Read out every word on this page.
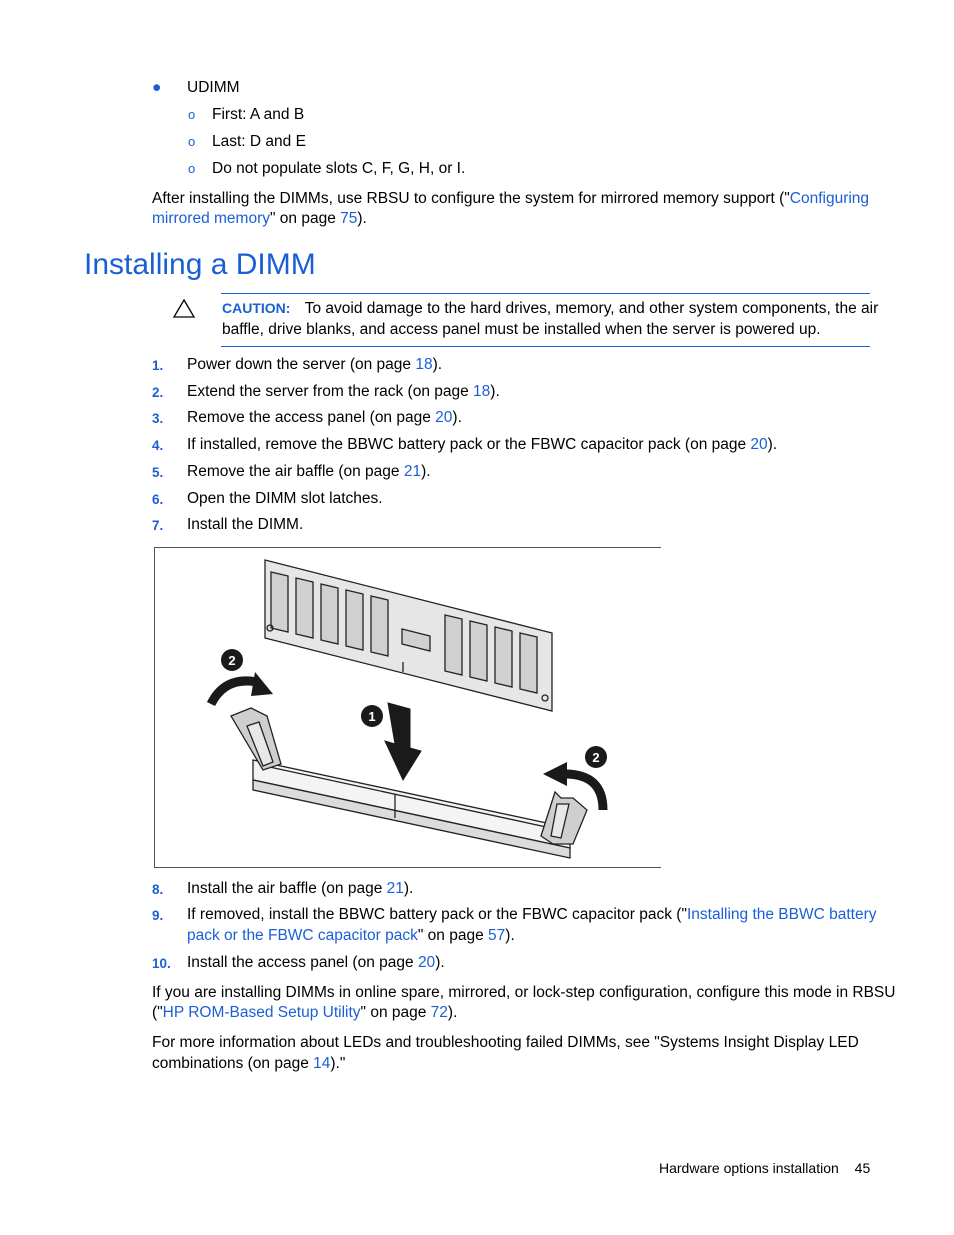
● UDIMM
o First: A and B
o Last: D and E
o Do not populate slots C, F, G, H, or I.
After installing the DIMMs, use RBSU to configure the system for mirrored memory support ("Configuring
mirrored memory" on page 75).
Installing a DIMM
CAUTION: To avoid damage to the hard drives, memory, and other system components, the air
baffle, drive blanks, and access panel must be installed when the server is powered up.
1. Power down the server (on page 18).
2. Extend the server from the rack (on page 18).
3. Remove the access panel (on page 20).
4. If installed, remove the BBWC battery pack or the FBWC capacitor pack (on page 20).
5. Remove the air baffle (on page 21).
6. Open the DIMM slot latches.
7. Install the DIMM.
1
2
2
8. Install the air baffle (on page 21).
9. If removed, install the BBWC battery pack or the FBWC capacitor pack ("Installing the BBWC battery
pack or the FBWC capacitor pack" on page 57).
10. Install the access panel (on page 20).
If you are installing DIMMs in online spare, mirrored, or lock-step configuration, configure this mode in RBSU
("HP ROM-Based Setup Utility" on page 72).
For more information about LEDs and troubleshooting failed DIMMs, see "Systems Insight Display LED
combinations (on page 14)."
Hardware options installation 45
